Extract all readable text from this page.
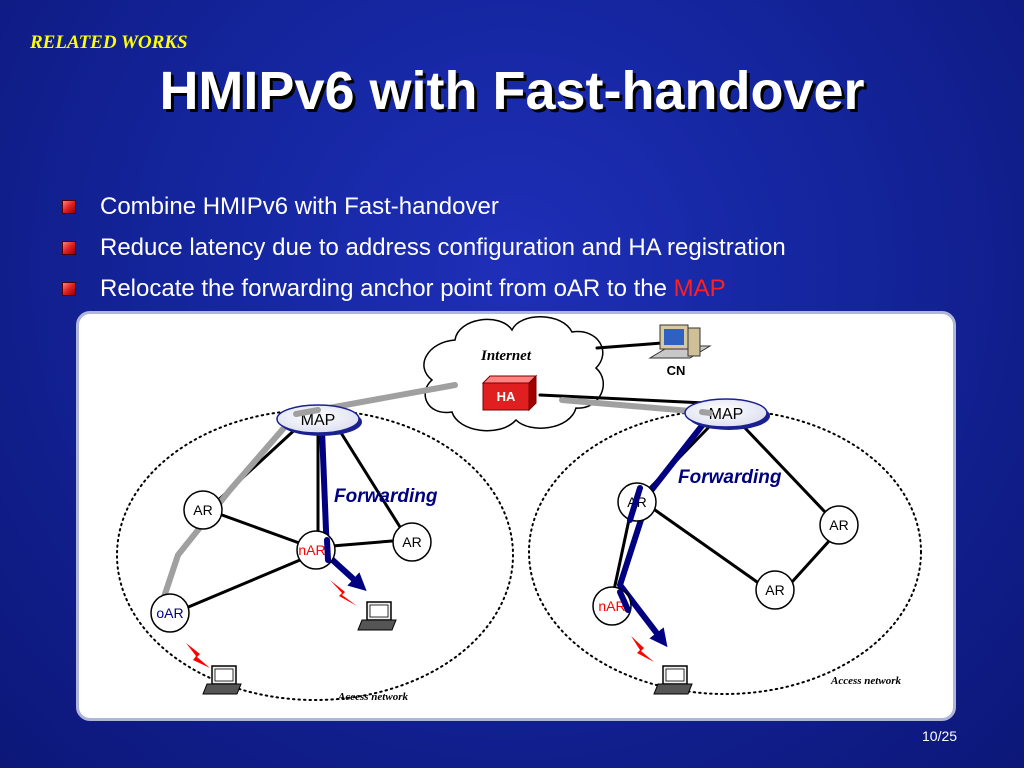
RELATED WORKS
HMIPv6 with Fast-handover
Combine HMIPv6 with Fast-handover
Reduce latency due to address configuration and HA registration
Relocate the forwarding anchor point from oAR to the MAP
Internet
HA
CN
MAP	MAP
AR
AR
nAR
oAR
AR
AR
AR
nAR
Forwarding
Forwarding
Access network
Access network
10/25
